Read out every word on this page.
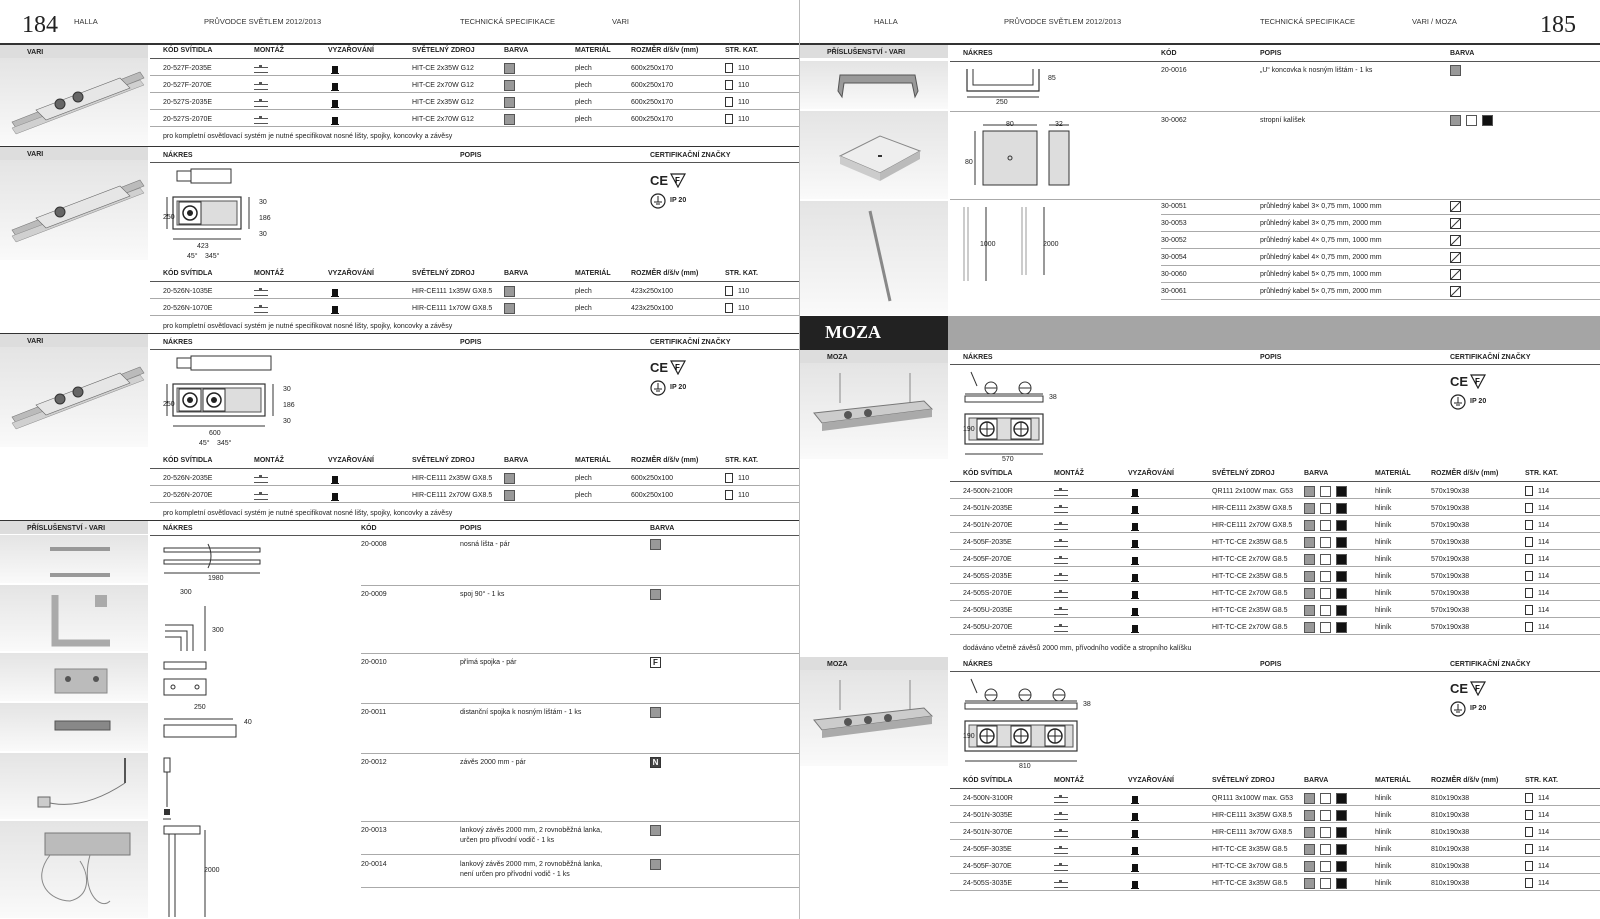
184 HALLA	PRŮVODCE SVĚTLEM 2012/2013	TECHNICKÁ SPECIFIKACE	VARI
VARI	KÓD SVÍTIDLA	MONTÁŽ	VYZAŘOVÁNÍ	SVĚTELNÝ ZDROJ	BARVA	MATERIÁL	ROZMĚR d/š/v (mm)	STR. KAT.
20-527F-2035E	HIT-CE 2x35W G12	plech	600x250x170	110
20-527F-2070E	HIT-CE 2x70W G12	plech	600x250x170	110
20-527S-2035E	HIT-CE 2x35W G12	plech	600x250x170	110
20-527S-2070E	HIT-CE 2x70W G12	plech	600x250x170	110
pro kompletní osvětlovací systém je nutné specifikovat nosné lišty, spojky, koncovky a závěsy
VARI	NÁKRES	POPIS	CERTIFIKAČNÍ ZNAČKY
30
186
30
250
423
45° 345°
CE F
IP 20
KÓD SVÍTIDLA	MONTÁŽ	VYZAŘOVÁNÍ	SVĚTELNÝ ZDROJ	BARVA	MATERIÁL	ROZMĚR d/š/v (mm)	STR. KAT.
20-526N-1035E	HIR-CE111 1x35W GX8.5	plech	423x250x100	110
20-526N-1070E	HIR-CE111 1x70W GX8.5	plech	423x250x100	110
pro kompletní osvětlovací systém je nutné specifikovat nosné lišty, spojky, koncovky a závěsy
VARI	NÁKRES	POPIS	CERTIFIKAČNÍ ZNAČKY
30
186
30
250
600
45° 345°
CE F
IP 20
KÓD SVÍTIDLA	MONTÁŽ	VYZAŘOVÁNÍ	SVĚTELNÝ ZDROJ	BARVA	MATERIÁL	ROZMĚR d/š/v (mm)	STR. KAT.
20-526N-2035E	HIR-CE111 2x35W GX8.5	plech	600x250x100	110
20-526N-2070E	HIR-CE111 2x70W GX8.5	plech	600x250x100	110
pro kompletní osvětlovací systém je nutné specifikovat nosné lišty, spojky, koncovky a závěsy
PŘÍSLUŠENSTVÍ - VARI	NÁKRES	KÓD	POPIS	BARVA
20-0008	nosná lišta - pár
20-0009	spoj 90° - 1 ks
20-0010	přímá spojka - pár	F
20-0011	distanční spojka k nosným lištám - 1 ks
20-0012	závěs 2000 mm - pár	N
20-0013	lankový závěs 2000 mm, 2 rovnoběžná lanka,
určen pro přívodní vodič - 1 ks
20-0014	lankový závěs 2000 mm, 2 rovnoběžná lanka,
není určen pro přívodní vodič - 1 ks
1980
300
300
250
40
2000
HALLA	PRŮVODCE SVĚTLEM 2012/2013	TECHNICKÁ SPECIFIKACE	VARI / MOZA	185
MOZA
PŘÍSLUŠENSTVÍ - VARI	NÁKRES	KÓD	POPIS	BARVA
20-0016	„U“ koncovka k nosným lištám - 1 ks
85
250
30-0062	stropní kalíšek
80	32
80
1000	2000
30-0051	průhledný kabel 3× 0,75 mm, 1000 mm
30-0053	průhledný kabel 3× 0,75 mm, 2000 mm
30-0052	průhledný kabel 4× 0,75 mm, 1000 mm
30-0054	průhledný kabel 4× 0,75 mm, 2000 mm
30-0060	průhledný kabel 5× 0,75 mm, 1000 mm
30-0061	průhledný kabel 5× 0,75 mm, 2000 mm
MOZA	NÁKRES	POPIS	CERTIFIKAČNÍ ZNAČKY
38
190
570
CE F
IP 20
KÓD SVÍTIDLA	MONTÁŽ	VYZAŘOVÁNÍ	SVĚTELNÝ ZDROJ	BARVA	MATERIÁL	ROZMĚR d/š/v (mm)	STR. KAT.
24-500N-2100R	QR111 2x100W max. G53	hliník	570x190x38	114
24-501N-2035E	HIR-CE111 2x35W GX8.5	hliník	570x190x38	114
24-501N-2070E	HIR-CE111 2x70W GX8.5	hliník	570x190x38	114
24-505F-2035E	HIT-TC-CE 2x35W G8.5	hliník	570x190x38	114
24-505F-2070E	HIT-TC-CE 2x70W G8.5	hliník	570x190x38	114
24-505S-2035E	HIT-TC-CE 2x35W G8.5	hliník	570x190x38	114
24-505S-2070E	HIT-TC-CE 2x70W G8.5	hliník	570x190x38	114
24-505U-2035E	HIT-TC-CE 2x35W G8.5	hliník	570x190x38	114
24-505U-2070E	HIT-TC-CE 2x70W G8.5	hliník	570x190x38	114
dodáváno včetně závěsů 2000 mm, přívodního vodiče a stropního kalíšku
MOZA	NÁKRES	POPIS	CERTIFIKAČNÍ ZNAČKY
38
190
810
CE F
IP 20
KÓD SVÍTIDLA	MONTÁŽ	VYZAŘOVÁNÍ	SVĚTELNÝ ZDROJ	BARVA	MATERIÁL	ROZMĚR d/š/v (mm)	STR. KAT.
24-500N-3100R	QR111 3x100W max. G53	hliník	810x190x38	114
24-501N-3035E	HIR-CE111 3x35W GX8.5	hliník	810x190x38	114
24-501N-3070E	HIR-CE111 3x70W GX8.5	hliník	810x190x38	114
24-505F-3035E	HIT-TC-CE 3x35W G8.5	hliník	810x190x38	114
24-505F-3070E	HIT-TC-CE 3x70W G8.5	hliník	810x190x38	114
24-505S-3035E	HIT-TC-CE 3x35W G8.5	hliník	810x190x38	114
